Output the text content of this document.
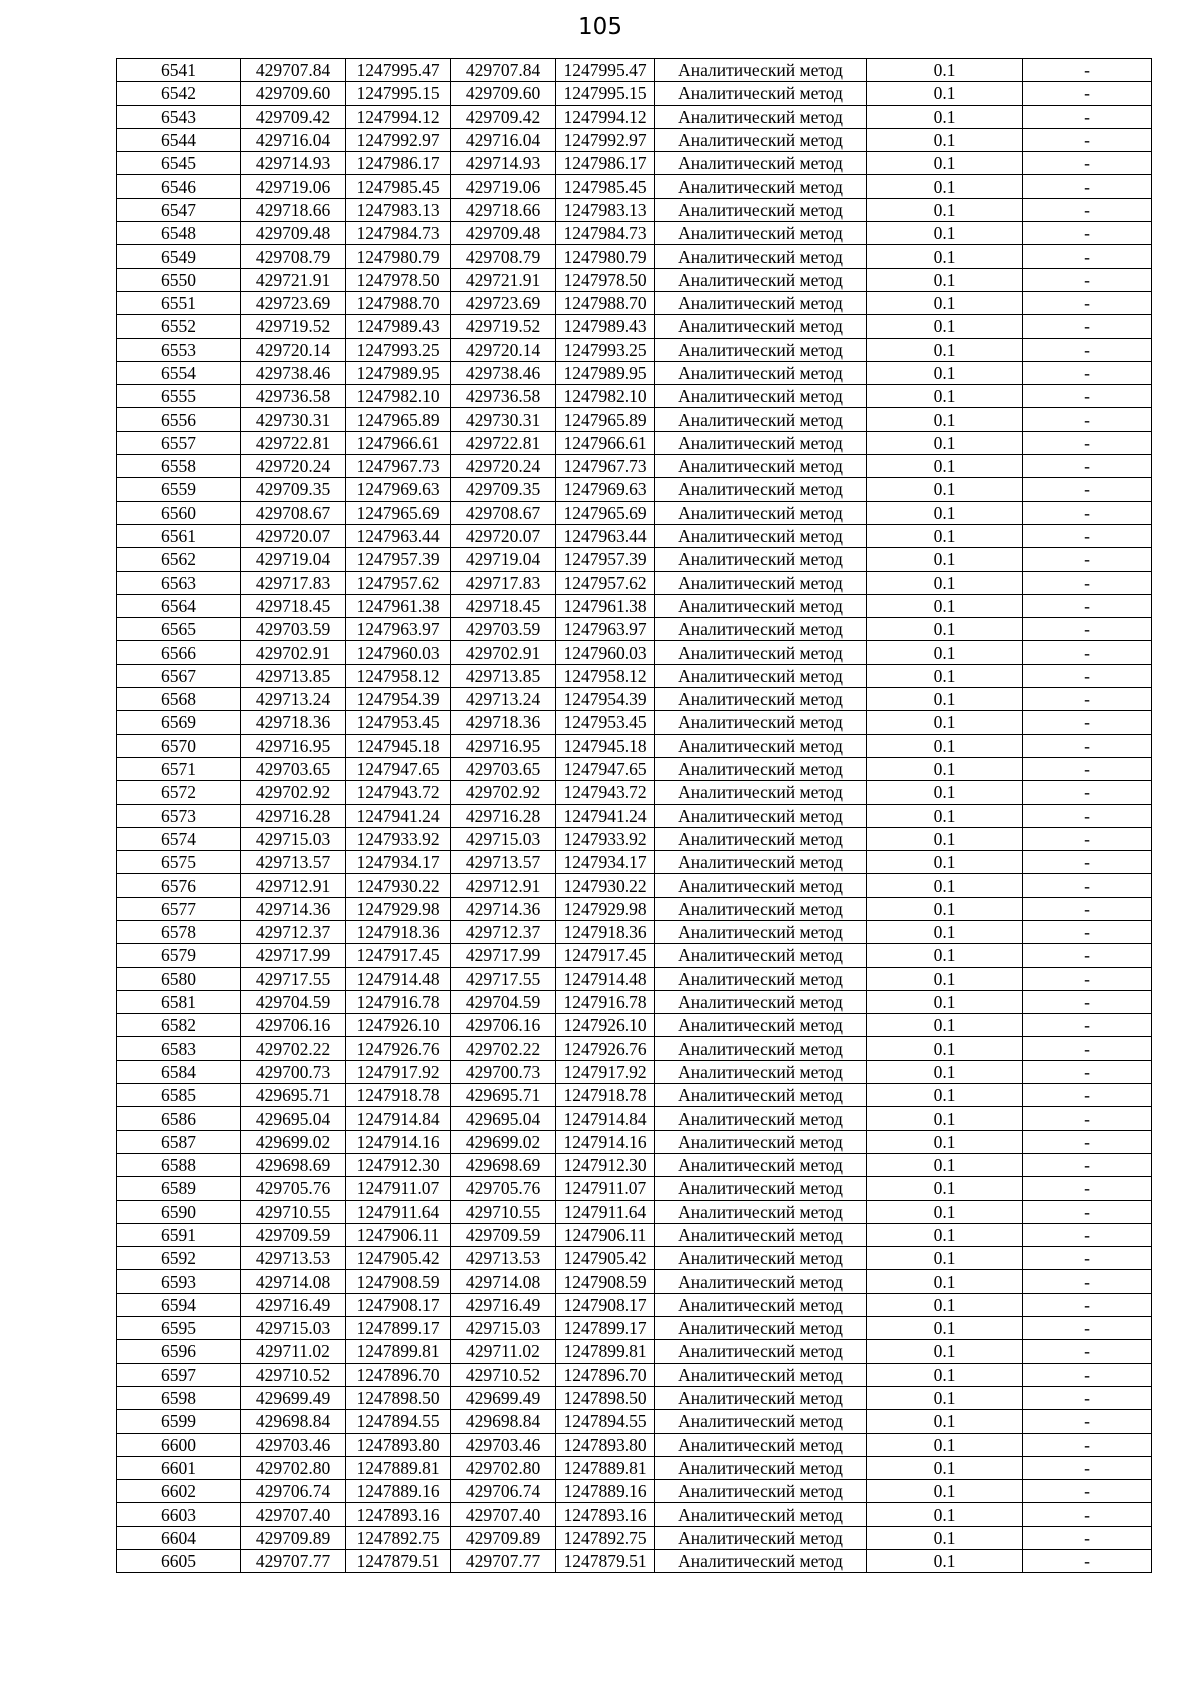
105
6541	429707.84	1247995.47	429707.84	1247995.47	Аналитический метод	0.1	-
6542	429709.60	1247995.15	429709.60	1247995.15	Аналитический метод	0.1	-
6543	429709.42	1247994.12	429709.42	1247994.12	Аналитический метод	0.1	-
6544	429716.04	1247992.97	429716.04	1247992.97	Аналитический метод	0.1	-
6545	429714.93	1247986.17	429714.93	1247986.17	Аналитический метод	0.1	-
6546	429719.06	1247985.45	429719.06	1247985.45	Аналитический метод	0.1	-
6547	429718.66	1247983.13	429718.66	1247983.13	Аналитический метод	0.1	-
6548	429709.48	1247984.73	429709.48	1247984.73	Аналитический метод	0.1	-
6549	429708.79	1247980.79	429708.79	1247980.79	Аналитический метод	0.1	-
6550	429721.91	1247978.50	429721.91	1247978.50	Аналитический метод	0.1	-
6551	429723.69	1247988.70	429723.69	1247988.70	Аналитический метод	0.1	-
6552	429719.52	1247989.43	429719.52	1247989.43	Аналитический метод	0.1	-
6553	429720.14	1247993.25	429720.14	1247993.25	Аналитический метод	0.1	-
6554	429738.46	1247989.95	429738.46	1247989.95	Аналитический метод	0.1	-
6555	429736.58	1247982.10	429736.58	1247982.10	Аналитический метод	0.1	-
6556	429730.31	1247965.89	429730.31	1247965.89	Аналитический метод	0.1	-
6557	429722.81	1247966.61	429722.81	1247966.61	Аналитический метод	0.1	-
6558	429720.24	1247967.73	429720.24	1247967.73	Аналитический метод	0.1	-
6559	429709.35	1247969.63	429709.35	1247969.63	Аналитический метод	0.1	-
6560	429708.67	1247965.69	429708.67	1247965.69	Аналитический метод	0.1	-
6561	429720.07	1247963.44	429720.07	1247963.44	Аналитический метод	0.1	-
6562	429719.04	1247957.39	429719.04	1247957.39	Аналитический метод	0.1	-
6563	429717.83	1247957.62	429717.83	1247957.62	Аналитический метод	0.1	-
6564	429718.45	1247961.38	429718.45	1247961.38	Аналитический метод	0.1	-
6565	429703.59	1247963.97	429703.59	1247963.97	Аналитический метод	0.1	-
6566	429702.91	1247960.03	429702.91	1247960.03	Аналитический метод	0.1	-
6567	429713.85	1247958.12	429713.85	1247958.12	Аналитический метод	0.1	-
6568	429713.24	1247954.39	429713.24	1247954.39	Аналитический метод	0.1	-
6569	429718.36	1247953.45	429718.36	1247953.45	Аналитический метод	0.1	-
6570	429716.95	1247945.18	429716.95	1247945.18	Аналитический метод	0.1	-
6571	429703.65	1247947.65	429703.65	1247947.65	Аналитический метод	0.1	-
6572	429702.92	1247943.72	429702.92	1247943.72	Аналитический метод	0.1	-
6573	429716.28	1247941.24	429716.28	1247941.24	Аналитический метод	0.1	-
6574	429715.03	1247933.92	429715.03	1247933.92	Аналитический метод	0.1	-
6575	429713.57	1247934.17	429713.57	1247934.17	Аналитический метод	0.1	-
6576	429712.91	1247930.22	429712.91	1247930.22	Аналитический метод	0.1	-
6577	429714.36	1247929.98	429714.36	1247929.98	Аналитический метод	0.1	-
6578	429712.37	1247918.36	429712.37	1247918.36	Аналитический метод	0.1	-
6579	429717.99	1247917.45	429717.99	1247917.45	Аналитический метод	0.1	-
6580	429717.55	1247914.48	429717.55	1247914.48	Аналитический метод	0.1	-
6581	429704.59	1247916.78	429704.59	1247916.78	Аналитический метод	0.1	-
6582	429706.16	1247926.10	429706.16	1247926.10	Аналитический метод	0.1	-
6583	429702.22	1247926.76	429702.22	1247926.76	Аналитический метод	0.1	-
6584	429700.73	1247917.92	429700.73	1247917.92	Аналитический метод	0.1	-
6585	429695.71	1247918.78	429695.71	1247918.78	Аналитический метод	0.1	-
6586	429695.04	1247914.84	429695.04	1247914.84	Аналитический метод	0.1	-
6587	429699.02	1247914.16	429699.02	1247914.16	Аналитический метод	0.1	-
6588	429698.69	1247912.30	429698.69	1247912.30	Аналитический метод	0.1	-
6589	429705.76	1247911.07	429705.76	1247911.07	Аналитический метод	0.1	-
6590	429710.55	1247911.64	429710.55	1247911.64	Аналитический метод	0.1	-
6591	429709.59	1247906.11	429709.59	1247906.11	Аналитический метод	0.1	-
6592	429713.53	1247905.42	429713.53	1247905.42	Аналитический метод	0.1	-
6593	429714.08	1247908.59	429714.08	1247908.59	Аналитический метод	0.1	-
6594	429716.49	1247908.17	429716.49	1247908.17	Аналитический метод	0.1	-
6595	429715.03	1247899.17	429715.03	1247899.17	Аналитический метод	0.1	-
6596	429711.02	1247899.81	429711.02	1247899.81	Аналитический метод	0.1	-
6597	429710.52	1247896.70	429710.52	1247896.70	Аналитический метод	0.1	-
6598	429699.49	1247898.50	429699.49	1247898.50	Аналитический метод	0.1	-
6599	429698.84	1247894.55	429698.84	1247894.55	Аналитический метод	0.1	-
6600	429703.46	1247893.80	429703.46	1247893.80	Аналитический метод	0.1	-
6601	429702.80	1247889.81	429702.80	1247889.81	Аналитический метод	0.1	-
6602	429706.74	1247889.16	429706.74	1247889.16	Аналитический метод	0.1	-
6603	429707.40	1247893.16	429707.40	1247893.16	Аналитический метод	0.1	-
6604	429709.89	1247892.75	429709.89	1247892.75	Аналитический метод	0.1	-
6605	429707.77	1247879.51	429707.77	1247879.51	Аналитический метод	0.1	-
